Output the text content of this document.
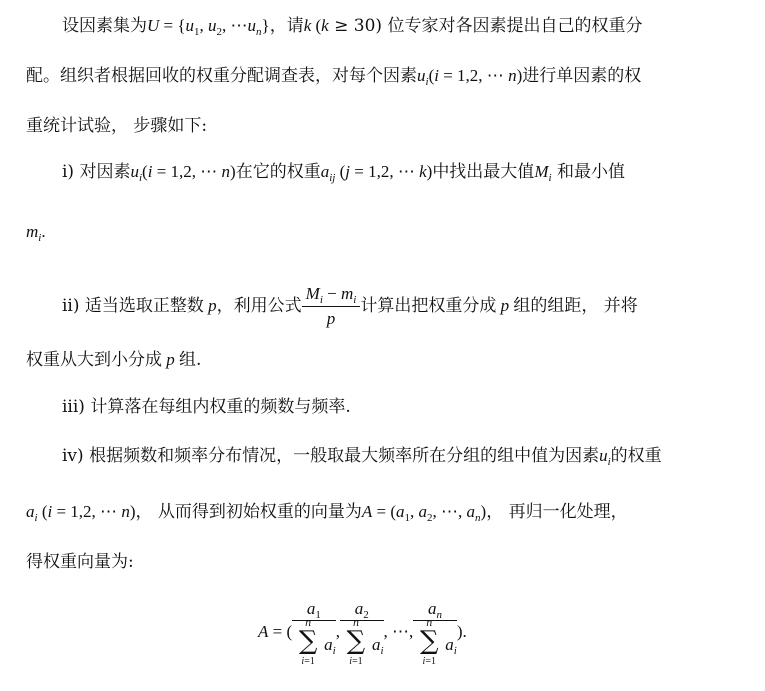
设因素集为$U = \{u_1$, $u_2$, $\cdots u_n$}，请k (k ≥ 30) 位专家对各因素提出自己的权重分
配。组织者根据回收的权重分配调查表，对每个因素$u_i(i = 1,2$, ⋯ n)进行单因素的权
重统计试验， 步骤如下:
i) 对因素$u_i(i = 1,2$, ⋯ n)在它的权重$a_{ij}$ (j = 1,2, ⋯ k)中找出最大值$M_i$ 和最小值
$m_i$.
ii) 适当选取正整数 p，利用公式 $\frac{M_i - m_i}{p}$ 计算出把权重分成 p 组的组距， 并将
权重从大到小分成 p 组.
iii) 计算落在每组内权重的频数与频率.
iv) 根据频数和频率分布情况，一般取最大频率所在分组的组中值为因素$u_i$的权重
$a_i$ (i = 1,2, ⋯ n)， 从而得到初始权重的向量为$A = (a_1$, $a_2$, ⋯, $a_n$)， 再归一化处理，
得权重向量为:
A = ( $a_1$
n
∑
i=1
$a_i$ , $a_2$
n
∑
i=1
$a_i$ , ⋯, $a_n$
n
∑
i=1
$a_i$ ).
